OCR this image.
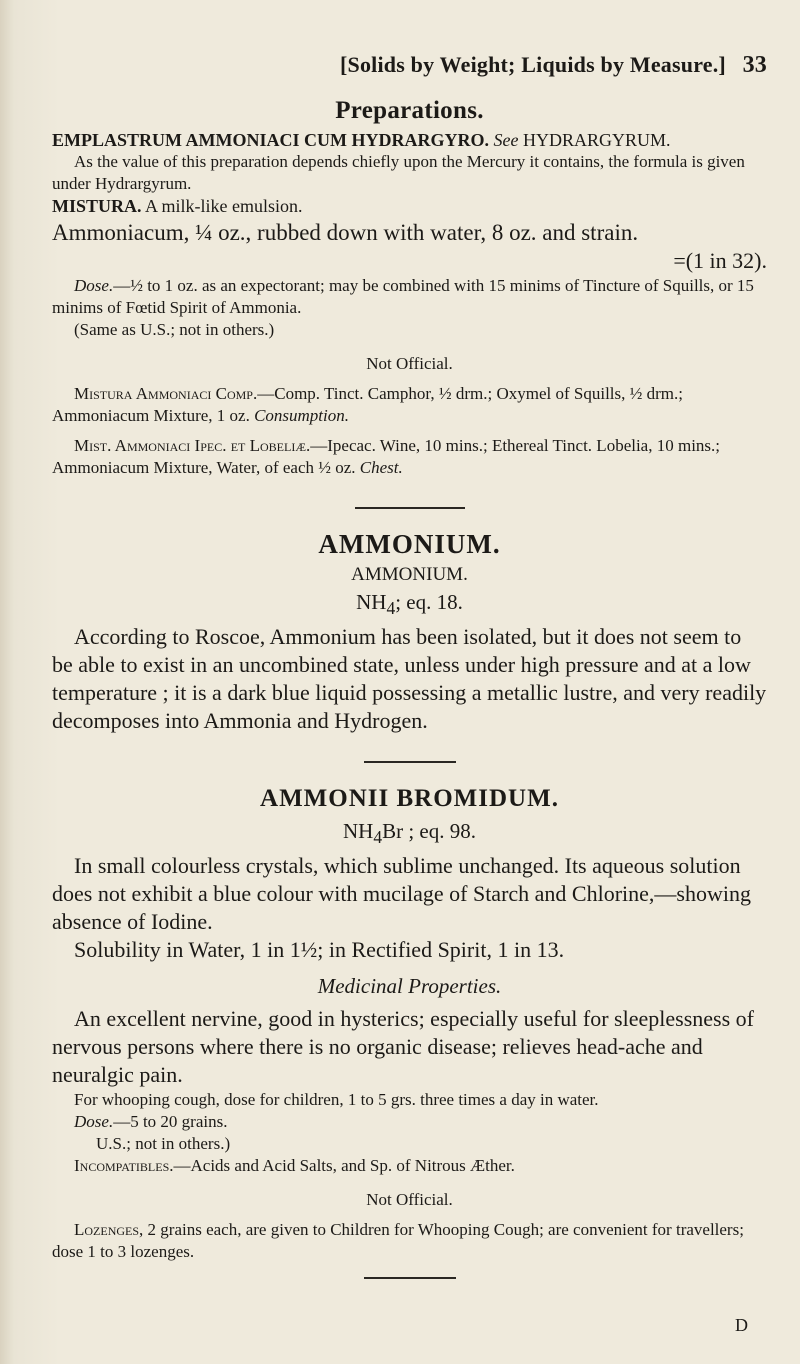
[Solids by Weight; Liquids by Measure.] 33
Preparations.

EMPLASTRUM AMMONIACI CUM HYDRARGYRO. See HYDRARGYRUM.

As the value of this preparation depends chiefly upon the Mercury it contains, the formula is given under Hydrargyrum.

MISTURA. A milk-like emulsion.

Ammoniacum, ¼ oz., rubbed down with water, 8 oz. and strain.

=(1 in 32).

Dose.—½ to 1 oz. as an expectorant; may be combined with 15 minims of Tincture of Squills, or 15 minims of Fœtid Spirit of Ammonia.

(Same as U.S.; not in others.)

Not Official.

Mistura Ammoniaci Comp.—Comp. Tinct. Camphor, ½ drm.; Oxymel of Squills, ½ drm.; Ammoniacum Mixture, 1 oz. Consumption.

Mist. Ammoniaci Ipec. et Lobeliæ.—Ipecac. Wine, 10 mins.; Ethereal Tinct. Lobelia, 10 mins.; Ammoniacum Mixture, Water, of each ½ oz. Chest.

AMMONIUM.
AMMONIUM.
$NH_4$; eq. 18.

According to Roscoe, Ammonium has been isolated, but it does not seem to be able to exist in an uncombined state, unless under high pressure and at a low temperature ; it is a dark blue liquid possessing a metallic lustre, and very readily decomposes into Ammonia and Hydrogen.

AMMONII BROMIDUM.
$NH_4Br$ ; eq. 98.

In small colourless crystals, which sublime unchanged. Its aqueous solution does not exhibit a blue colour with mucilage of Starch and Chlorine,—showing absence of Iodine.

Solubility in Water, 1 in 1½; in Rectified Spirit, 1 in 13.

Medicinal Properties.

An excellent nervine, good in hysterics; especially useful for sleeplessness of nervous persons where there is no organic disease; relieves head-ache and neuralgic pain.

For whooping cough, dose for children, 1 to 5 grs. three times a day in water.

Dose.—5 to 20 grains.

U.S.; not in others.)

Incompatibles.—Acids and Acid Salts, and Sp. of Nitrous Æther.

Not Official.

Lozenges, 2 grains each, are given to Children for Whooping Cough; are convenient for travellers; dose 1 to 3 lozenges.

D
